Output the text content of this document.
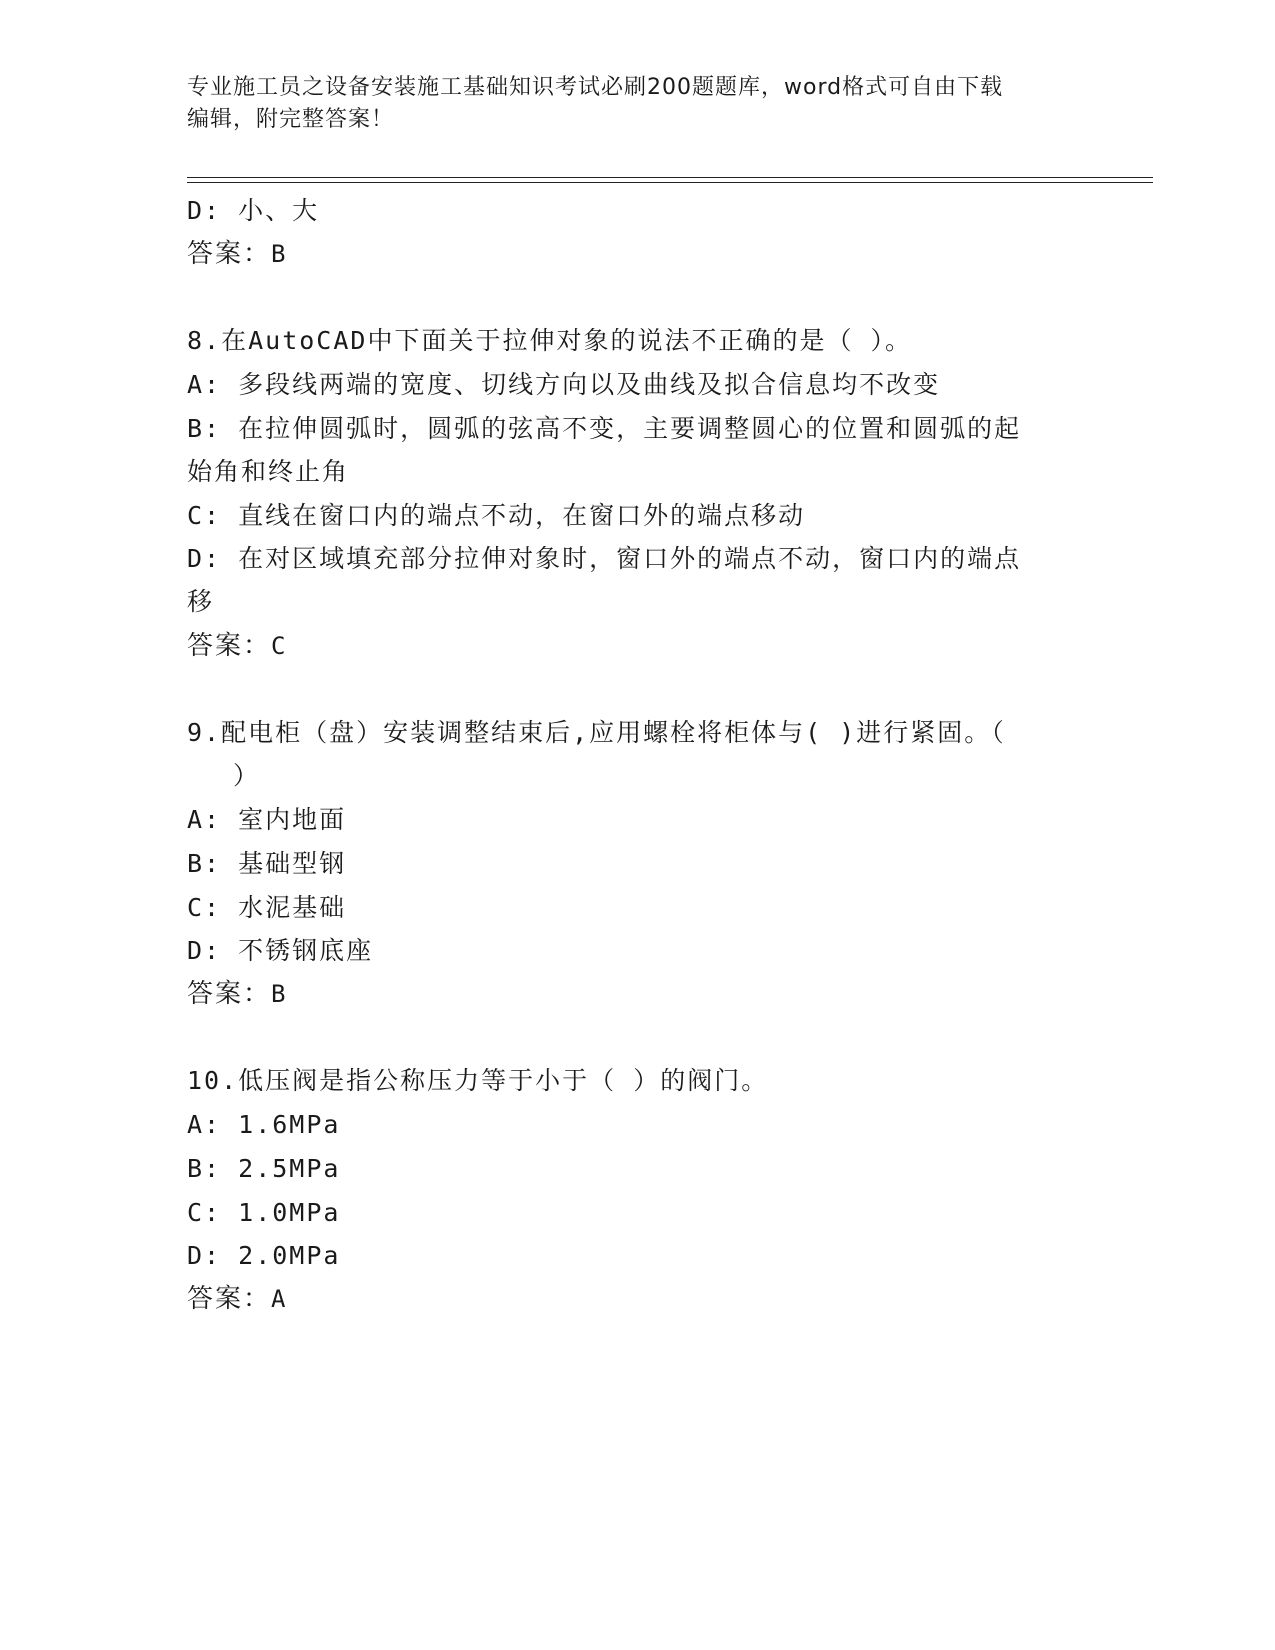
专业施工员之设备安装施工基础知识考试必刷200题题库，word格式可自由下载
编辑，附完整答案！
D: 小、大
答案：B
8.在AutoCAD中下面关于拉伸对象的说法不正确的是（ ）。
A: 多段线两端的宽度、切线方向以及曲线及拟合信息均不改变
B: 在拉伸圆弧时，圆弧的弦高不变，主要调整圆心的位置和圆弧的起
始角和终止角
C: 直线在窗口内的端点不动，在窗口外的端点移动
D: 在对区域填充部分拉伸对象时，窗口外的端点不动，窗口内的端点
移
答案：C
9.配电柜（盘）安装调整结束后,应用螺栓将柜体与( )进行紧固。（
）
A: 室内地面
B: 基础型钢
C: 水泥基础
D: 不锈钢底座
答案：B
10.低压阀是指公称压力等于小于（ ）的阀门。
A: 1.6MPa
B: 2.5MPa
C: 1.0MPa
D: 2.0MPa
答案：A
